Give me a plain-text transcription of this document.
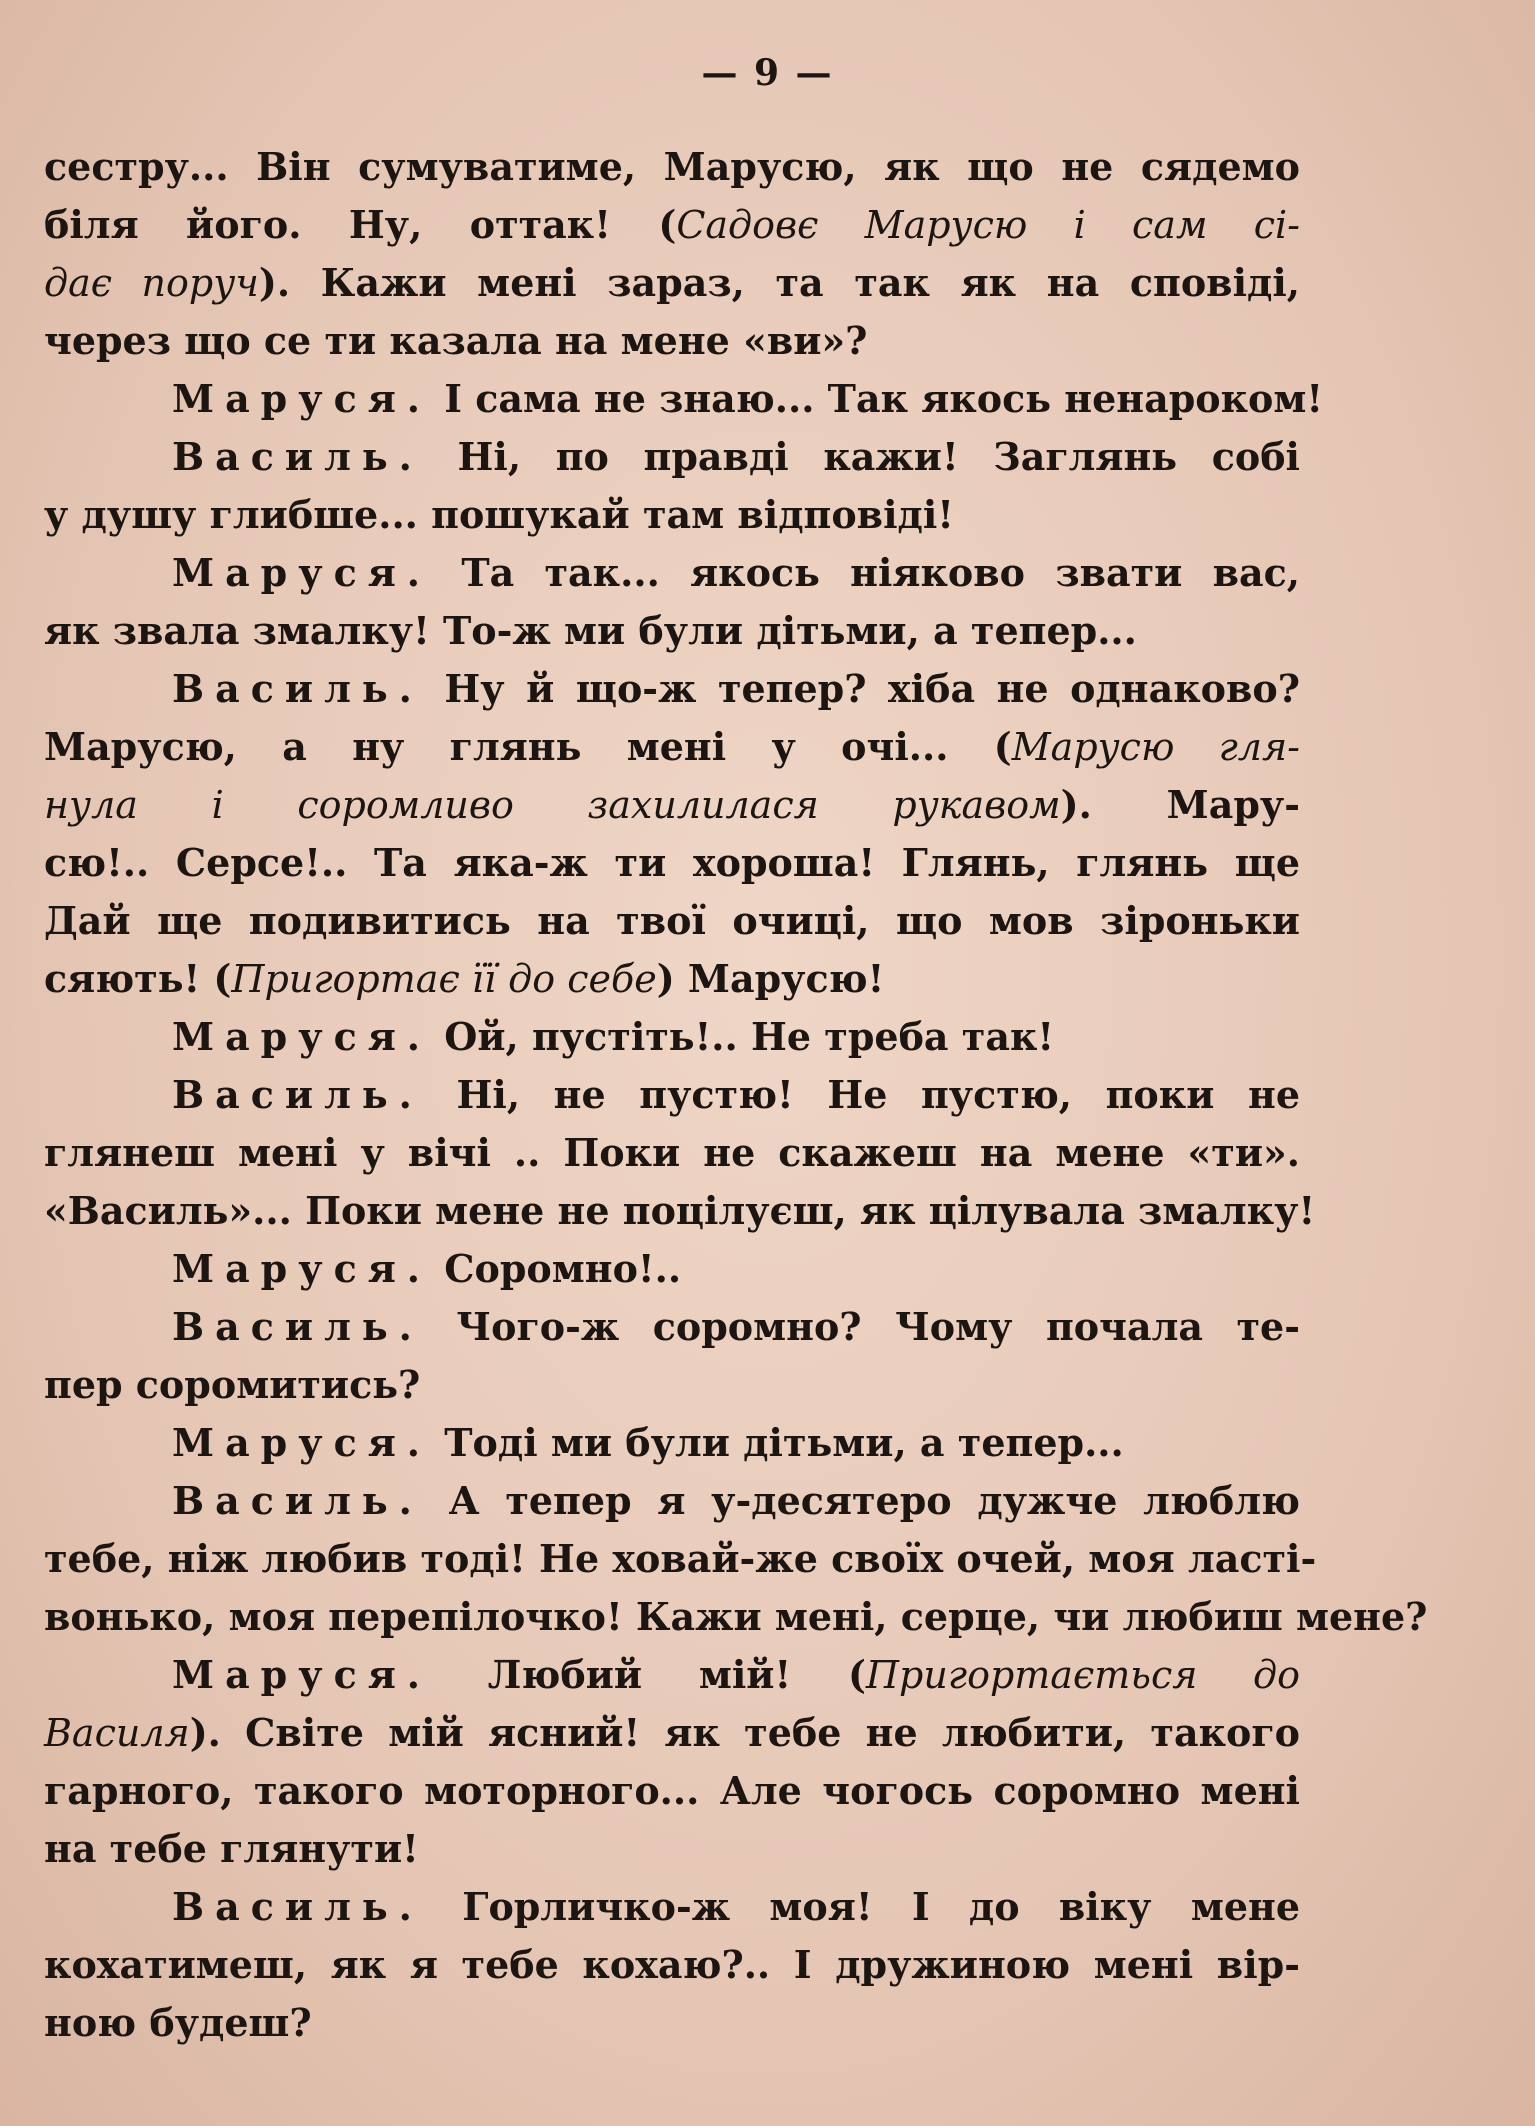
— 9 —
сестру... Він сумуватиме, Марусю, як що не сядемо
біля його. Ну, оттак! (Садовє Марусю і сам сі-
дає поруч). Кажи мені зараз, та так як на сповіді,
через що се ти казала на мене «ви»?
Маруся. І сама не знаю... Так якось ненароком!
Василь. Ні, по правді кажи! Заглянь собі
у душу глибше... пошукай там відповіді!
Маруся. Та так... якось ніяково звати вас,
як звала змалку! То-ж ми були дітьми, а тепер...
Василь. Ну й що-ж тепер? хіба не однаково?
Марусю, а ну глянь мені у очі... (Марусю гля-
нула і соромливо захилилася рукавом). Мару-
сю!.. Серсе!.. Та яка-ж ти хороша! Глянь, глянь ще
Дай ще подивитись на твої очиці, що мов зіроньки
сяють! (Пригортає її до себе) Марусю!
Маруся. Ой, пустіть!.. Не треба так!
Василь. Ні, не пустю! Не пустю, поки не
глянеш мені у вічі .. Поки не скажеш на мене «ти».
«Василь»... Поки мене не поцілуєш, як цілувала змалку!
Маруся. Соромно!..
Василь. Чого-ж соромно? Чому почала те-
пер соромитись?
Маруся. Тоді ми були дітьми, а тепер...
Василь. А тепер я у-десятеро дужче люблю
тебе, ніж любив тоді! Не ховай-же своїх очей, моя ласті-
вонько, моя перепілочко! Кажи мені, серце, чи любиш мене?
Маруся. Любий мій! (Пригортається до
Василя). Світе мій ясний! як тебе не любити, такого
гарного, такого моторного... Але чогось соромно мені
на тебе глянути!
Василь. Горличко-ж моя! І до віку мене
кохатимеш, як я тебе кохаю?.. І дружиною мені вір-
ною будеш?
